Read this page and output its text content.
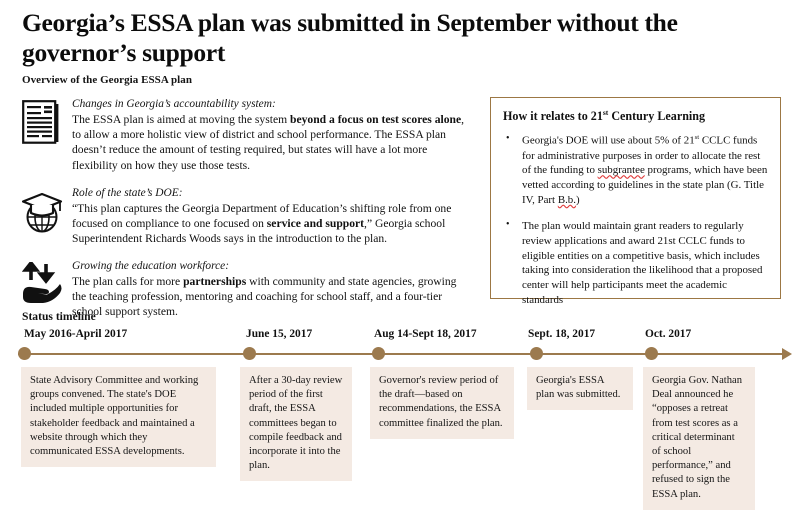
Georgia’s ESSA plan was submitted in September without the governor’s support
Overview of the Georgia ESSA plan
Changes in Georgia’s accountability system:
The ESSA plan is aimed at moving the system beyond a focus on test scores alone, to allow a more holistic view of district and school performance. The ESSA plan doesn’t reduce the amount of testing required, but states will have a lot more flexibility on how they use those tests.
Role of the state’s DOE:
“This plan captures the Georgia Department of Education’s shifting role from one focused on compliance to one focused on service and support,” Georgia school Superintendent Richards Woods says in the introduction to the plan.
Growing the education workforce:
The plan calls for more partnerships with community and state agencies, growing the teaching profession, mentoring and coaching for school staff, and a four-tier school support system.
How it relates to 21st Century Learning
• Georgia's DOE will use about 5% of 21st CCLC funds for administrative purposes in order to allocate the rest of the funding to subgrantee programs, which have been vetted according to guidelines in the state plan (G. Title IV, Part B.b.)
• The plan would maintain grant readers to regularly review applications and award 21st CCLC funds to eligible entities on a competitive basis, which includes taking into consideration the likelihood that a proposed center will help participants meet the academic standards
Status timeline
May 2016-April 2017
State Advisory Committee and working groups convened. The state's DOE included multiple opportunities for stakeholder feedback and maintained a website through which they communicated ESSA developments.
June 15, 2017
After a 30-day review period of the first draft, the ESSA committees began to compile feedback and incorporate it into the plan.
Aug 14-Sept 18, 2017
Governor's review period of the draft—based on recommendations, the ESSA committee finalized the plan.
Sept. 18, 2017
Georgia's ESSA plan was submitted.
Oct. 2017
Georgia Gov. Nathan Deal announced he “opposes a retreat from test scores as a critical determinant of school performance,” and refused to sign the ESSA plan.
